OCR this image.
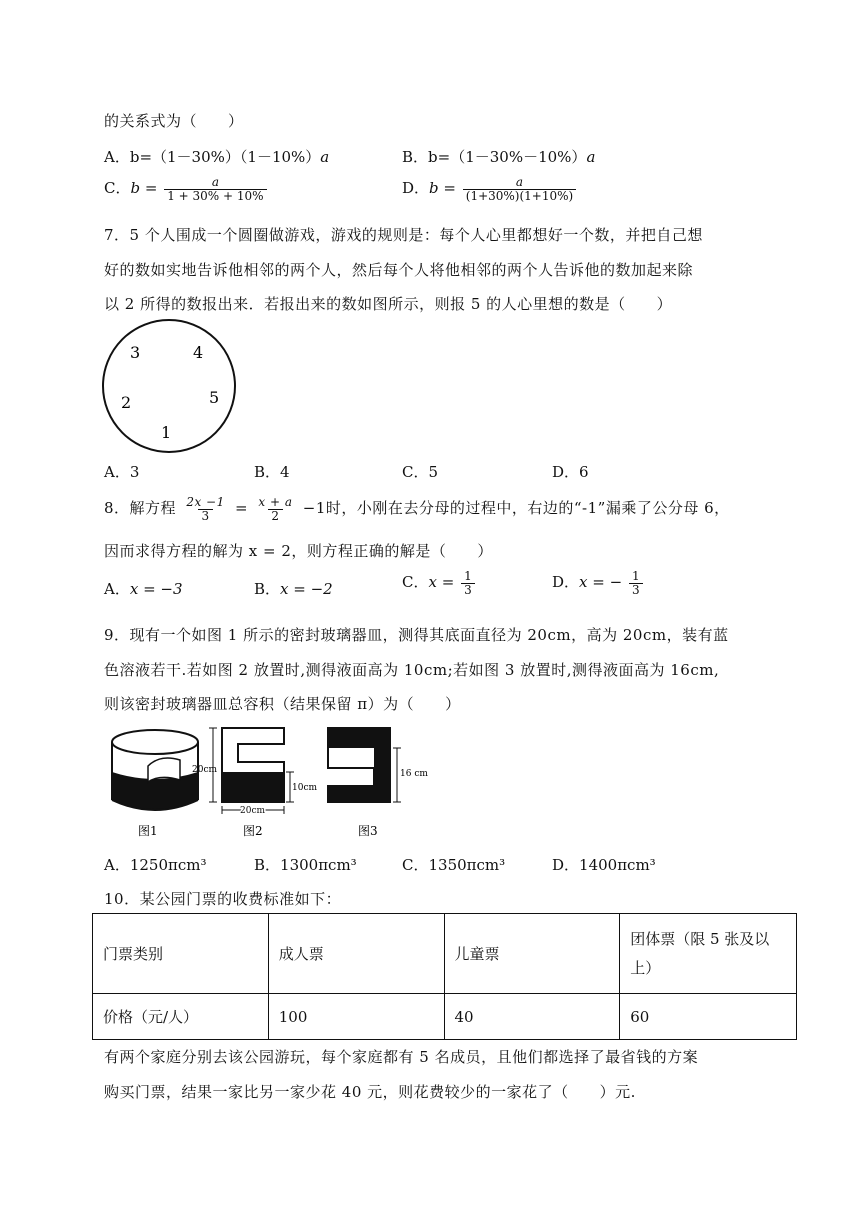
的关系式为（　　）
A．b=（1－30%）（1－10%）a	B．b=（1－30%－10%）a
C．$b = \frac{a}{1 + 30\% + 10\%}$	D．$b = \frac{a}{(1+30\%)(1+10\%)}$
7．5 个人围成一个圆圈做游戏，游戏的规则是：每个人心里都想好一个数，并把自己想
好的数如实地告诉他相邻的两个人，然后每个人将他相邻的两个人告诉他的数加起来除
以 2 所得的数报出来．若报出来的数如图所示，则报 5 的人心里想的数是（　　）
3	4
2	5
1
A．3	B．4	C．5	D．6
8．解方程 $\frac{2x -1}{3} = \frac{x + a}{2} -1$时，小刚在去分母的过程中，右边的“-1”漏乘了公分母 6，
因而求得方程的解为 x = 2，则方程正确的解是（　　）
A．x = −3	B．x = −2	C．$x = \frac{1}{3}$	D．x = − $\frac{1}{3}$
9．现有一个如图 1 所示的密封玻璃器皿，测得其底面直径为 20cm，高为 20cm，装有蓝
色溶液若干.若如图 2 放置时,测得液面高为 10cm;若如图 3 放置时,测得液面高为 16cm,
则该密封玻璃器皿总容积（结果保留 π）为（　　）
图1
20cm
10cm
20cm
图2
16 cm
图3
A．1250πcm³	B．1300πcm³	C．1350πcm³	D．1400πcm³
10．某公园门票的收费标准如下：
门票类别	成人票	儿童票	团体票（限 5 张及以上）
价格（元/人）	100	40	60
有两个家庭分别去该公园游玩，每个家庭都有 5 名成员，且他们都选择了最省钱的方案
购买门票，结果一家比另一家少花 40 元，则花费较少的一家花了（　　）元.
